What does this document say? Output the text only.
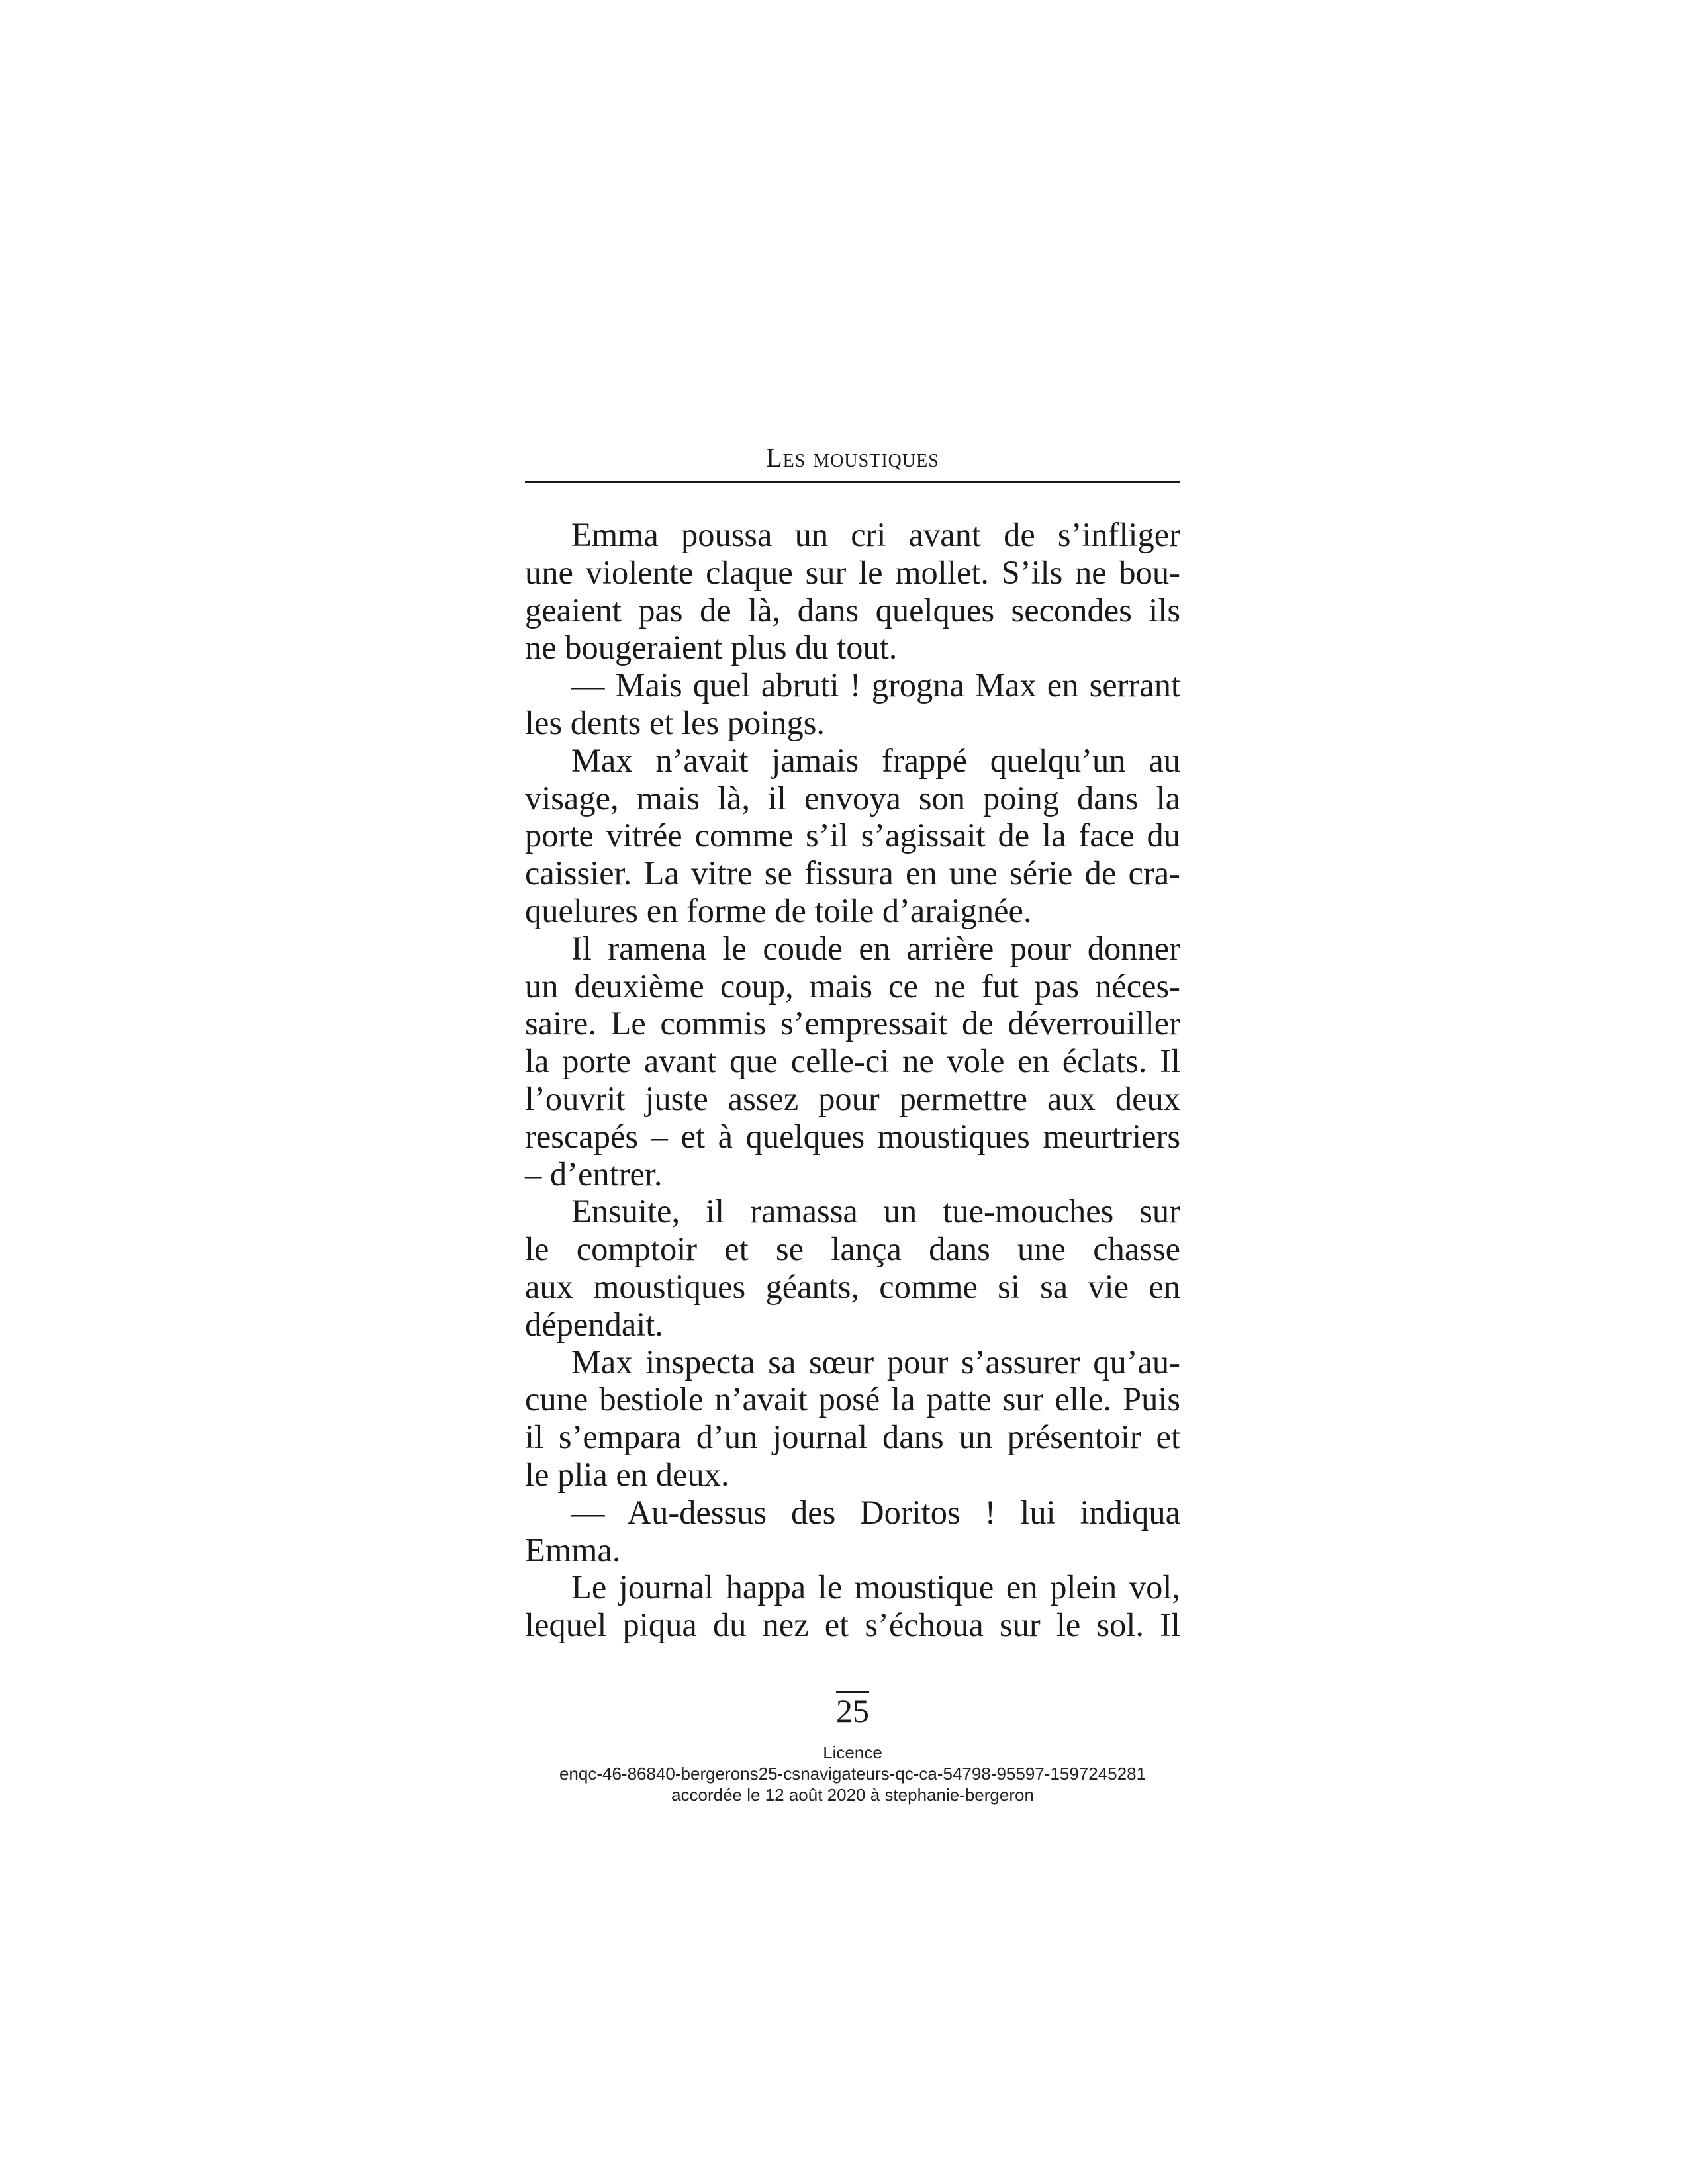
Les moustiques
Emma poussa un cri avant de s’infliger
une violente claque sur le mollet. S’ils ne bou-
geaient pas de là, dans quelques secondes ils
ne bougeraient plus du tout.
— Mais quel abruti ! grogna Max en serrant
les dents et les poings.
Max n’avait jamais frappé quelqu’un au
visage, mais là, il envoya son poing dans la
porte vitrée comme s’il s’agissait de la face du
caissier. La vitre se fissura en une série de cra-
quelures en forme de toile d’araignée.
Il ramena le coude en arrière pour donner
un deuxième coup, mais ce ne fut pas néces-
saire. Le commis s’empressait de déverrouiller
la porte avant que celle-ci ne vole en éclats. Il
l’ouvrit juste assez pour permettre aux deux
rescapés – et à quelques moustiques meurtriers
– d’entrer.
Ensuite, il ramassa un tue-mouches sur
le comptoir et se lança dans une chasse
aux moustiques géants, comme si sa vie en
dépendait.
Max inspecta sa sœur pour s’assurer qu’au-
cune bestiole n’avait posé la patte sur elle. Puis
il s’empara d’un journal dans un présentoir et
le plia en deux.
— Au-dessus des Doritos ! lui indiqua
Emma.
Le journal happa le moustique en plein vol,
lequel piqua du nez et s’échoua sur le sol. Il
25
Licence
enqc-46-86840-bergerons25-csnavigateurs-qc-ca-54798-95597-1597245281
accordée le 12 août 2020 à stephanie-bergeron
